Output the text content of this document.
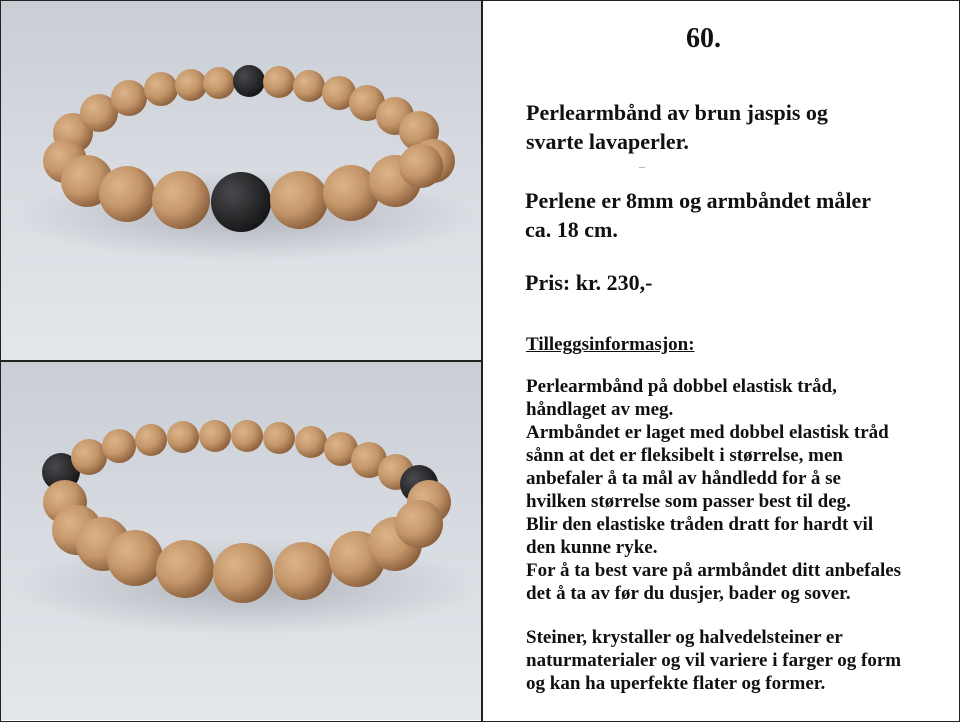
60.
Perlearmbånd av brun jaspis og
svarte lavaperler.
Perlene er 8mm og armbåndet måler
ca. 18 cm.
Pris: kr. 230,-
Tilleggsinformasjon:
Perlearmbånd på dobbel elastisk tråd,
håndlaget av meg.
Armbåndet er laget med dobbel elastisk tråd
sånn at det er fleksibelt i størrelse, men
anbefaler å ta mål av håndledd for å se
hvilken størrelse som passer best til deg.
Blir den elastiske tråden dratt for hardt vil
den kunne ryke.
For å ta best vare på armbåndet ditt anbefales
det å ta av før du dusjer, bader og sover.
Steiner, krystaller og halvedelsteiner er
naturmaterialer og vil variere i farger og form
og kan ha uperfekte flater og former.
